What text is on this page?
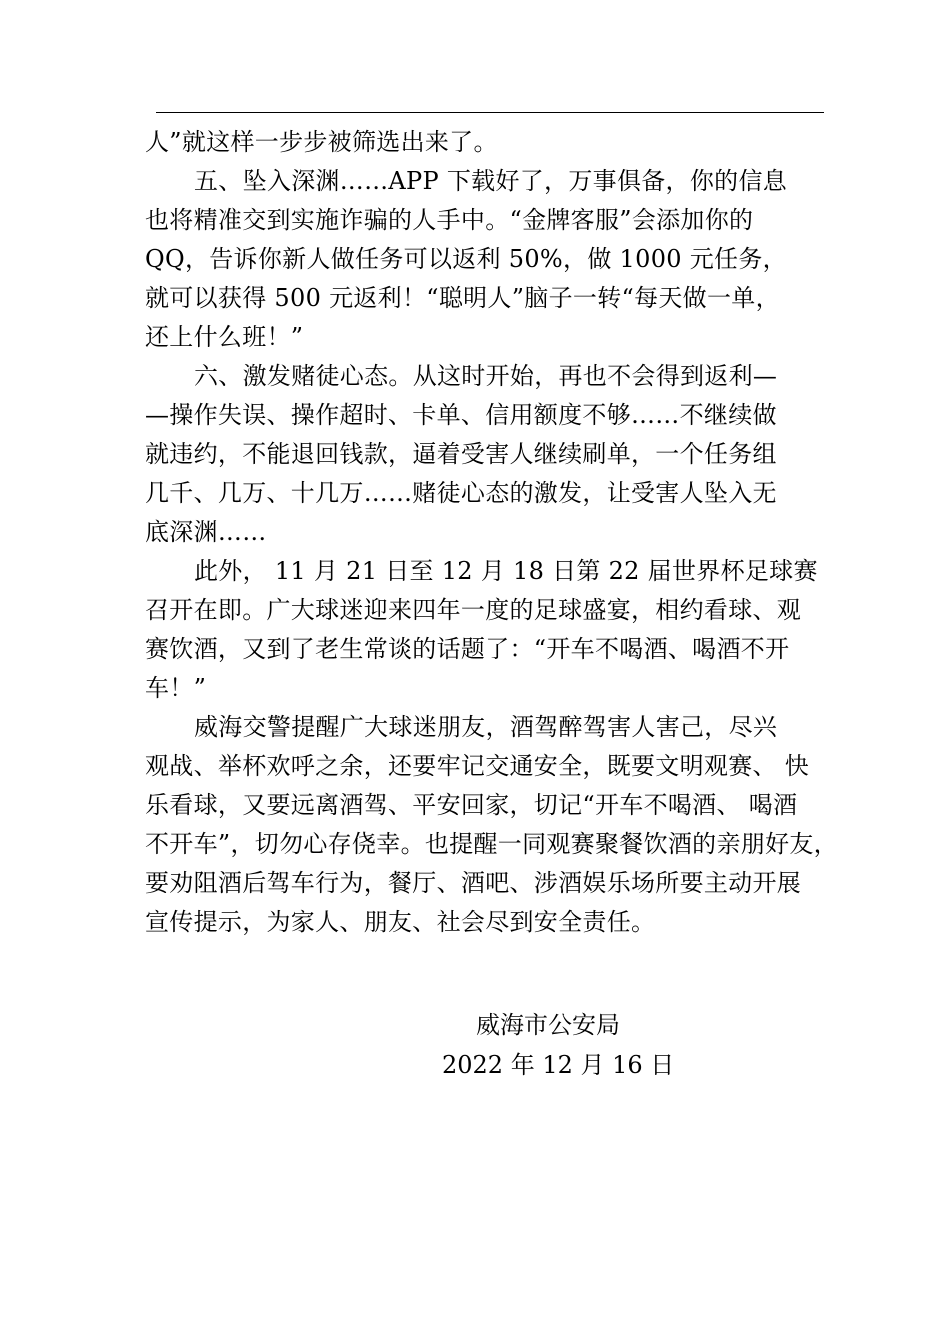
人”就这样一步步被筛选出来了。
五、坠入深渊……APP 下载好了，万事俱备，你的信息
也将精准交到实施诈骗的人手中。“金牌客服”会添加你的
QQ，告诉你新人做任务可以返利 50%，做 1000 元任务，
就可以获得 500 元返利！“聪明人”脑子一转“每天做一单，
还上什么班！”
六、激发赌徒心态。从这时开始，再也不会得到返利—
—操作失误、操作超时、卡单、信用额度不够……不继续做
就违约，不能退回钱款，逼着受害人继续刷单，一个任务组
几千、几万、十几万……赌徒心态的激发，让受害人坠入无
底深渊……
此外， 11 月 21 日至 12 月 18 日第 22 届世界杯足球赛
召开在即。广大球迷迎来四年一度的足球盛宴，相约看球、观
赛饮酒，又到了老生常谈的话题了：“开车不喝酒、喝酒不开
车！”
威海交警提醒广大球迷朋友，酒驾醉驾害人害己，尽兴
观战、举杯欢呼之余，还要牢记交通安全，既要文明观赛、 快
乐看球，又要远离酒驾、平安回家，切记“开车不喝酒、 喝酒
不开车”，切勿心存侥幸。也提醒一同观赛聚餐饮酒的亲朋好友，
要劝阻酒后驾车行为，餐厅、酒吧、涉酒娱乐场所要主动开展
宣传提示，为家人、朋友、社会尽到安全责任。
威海市公安局
2022 年 12 月 16 日
